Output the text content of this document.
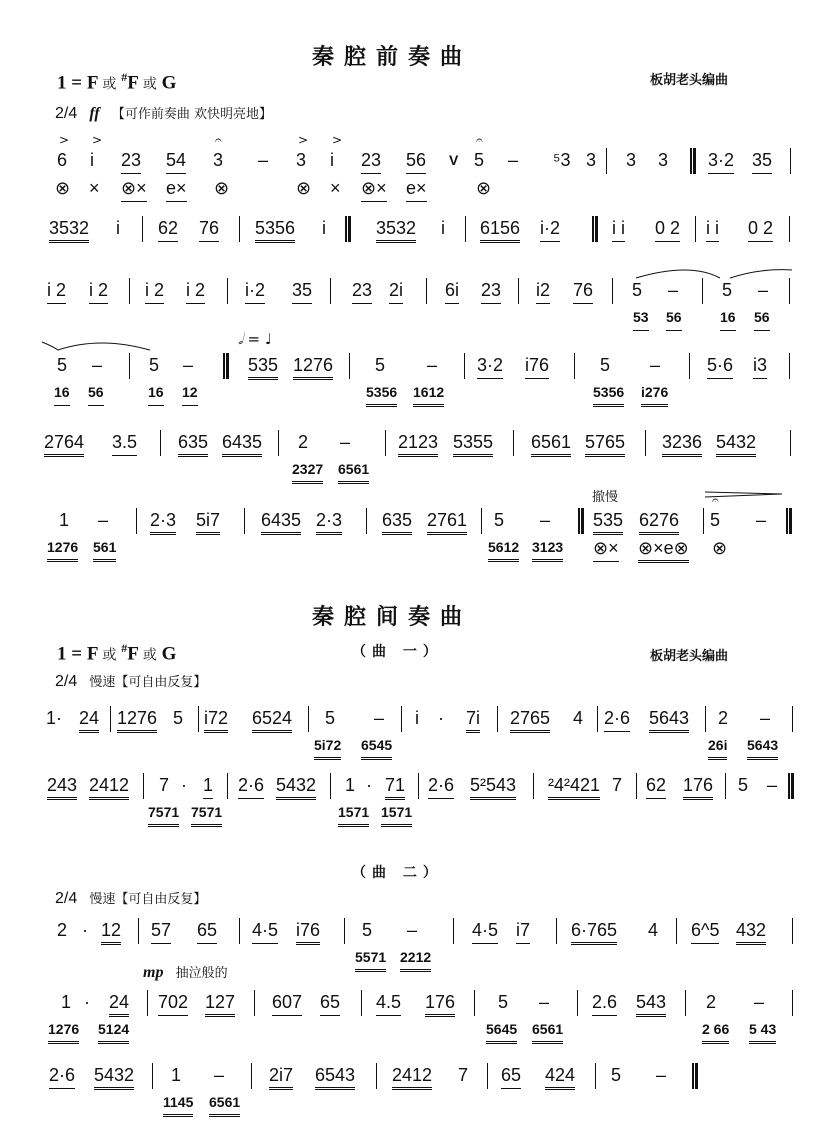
秦腔前奏曲
1 = F 或 #F 或 G	板胡老头编曲
2/4 ff 【可作前奏曲 欢快明亮地】
𝅗𝅥 = ♩
撤慢
6
>
i
>
23 54 3
𝄐
– 3
>
i
>
23 56 V 5
𝄐
– ⁵3 3 3 3 3·2 35
⊗ × ⊗× e× ⊗	⊗ × ⊗× e×	⊗
3532 i 62 76 5356 i	3532 i 6156 i·2	i i 0 2 i i 0 2
i 2 i 2 i 2 i 2 i·2 35 23 2i 6i 23 i2 76 5 – 5 –
53 56	16 56
5 –	5 –	535 1276 5 – 3·2 i76	5 –	5·6 i3
16 56	16 12	5356 1612	5356 i276
2764 3.5 635 6435 2 –	2123 5355 6561 5765 3236 5432
2327 6561
1 – 2·3 5i7 6435 2·3 635 2761 5 – 535 6276 5
𝄐
–
1276 561	5612 3123 ⊗× ⊗×e⊗ ⊗
秦腔间奏曲
1 = F 或 #F 或 G	（曲 一）	板胡老头编曲
2/4 慢速【可自由反复】
（曲 二）
2/4 慢速【可自由反复】
mp 抽泣般的
1· 24 1276 5 i72 6524 5 – i · 7i 2765 4 2·6 5643 2 –
5i72 6545	26i 5643
243 2412 7 · 1 2·6 5432 1 · 71 2·6 5²543 ²4²421 7 62 176 5 –
7571 7571	1571 1571
2 · 12 57 65 4·5 i76 5 –	4·5 i7 6·765 4 6^5 432
5571 2212
1 · 24 702 127 607 65 4.5 176 5 – 2.6 543 2 –
1276 5124	5645 6561	2 66 5 43
2·6 5432 1 – 2i7 6543 2412 7 65 424 5 –
1145 6561
